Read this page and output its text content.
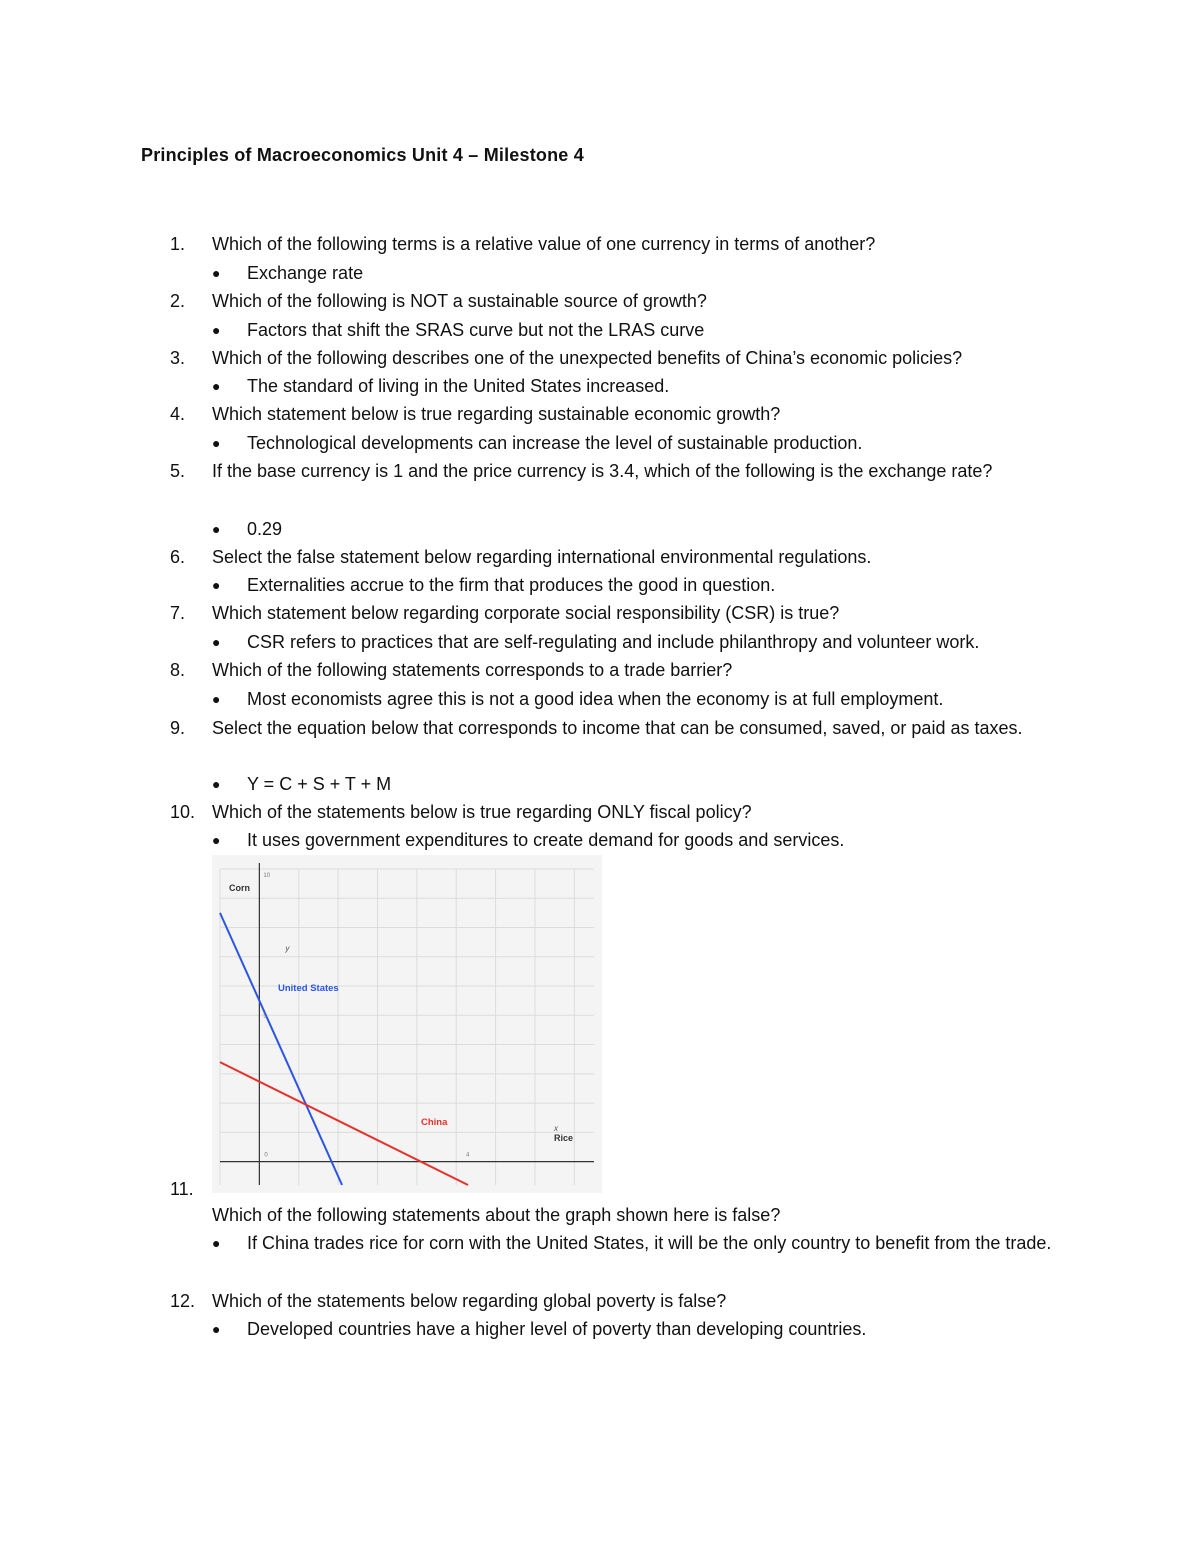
Principles of Macroeconomics Unit 4 – Milestone 4
1.	Which of the following terms is a relative value of one currency in terms of another?
● Exchange rate
2.	Which of the following is NOT a sustainable source of growth?
● Factors that shift the SRAS curve but not the LRAS curve
3.	Which of the following describes one of the unexpected benefits of China’s economic policies?
● The standard of living in the United States increased.
4.	Which statement below is true regarding sustainable economic growth?
● Technological developments can increase the level of sustainable production.
5.	If the base currency is 1 and the price currency is 3.4, which of the following is the exchange rate?
● 0.29
6.	Select the false statement below regarding international environmental regulations.
● Externalities accrue to the firm that produces the good in question.
7.	Which statement below regarding corporate social responsibility (CSR) is true?
● CSR refers to practices that are self-regulating and include philanthropy and volunteer work.
8.	Which of the following statements corresponds to a trade barrier?
● Most economists agree this is not a good idea when the economy is at full employment.
9.	Select the equation below that corresponds to income that can be consumed, saved, or paid as taxes.
● Y = C + S + T + M
10. Which of the statements below is true regarding ONLY fiscal policy?
● It uses government expenditures to create demand for goods and services.
Corn
y
10
5
0	4
x
Rice
United States
China
11.
Which of the following statements about the graph shown here is false?
● If China trades rice for corn with the United States, it will be the only country to benefit from the trade.
12. Which of the statements below regarding global poverty is false?
● Developed countries have a higher level of poverty than developing countries.
